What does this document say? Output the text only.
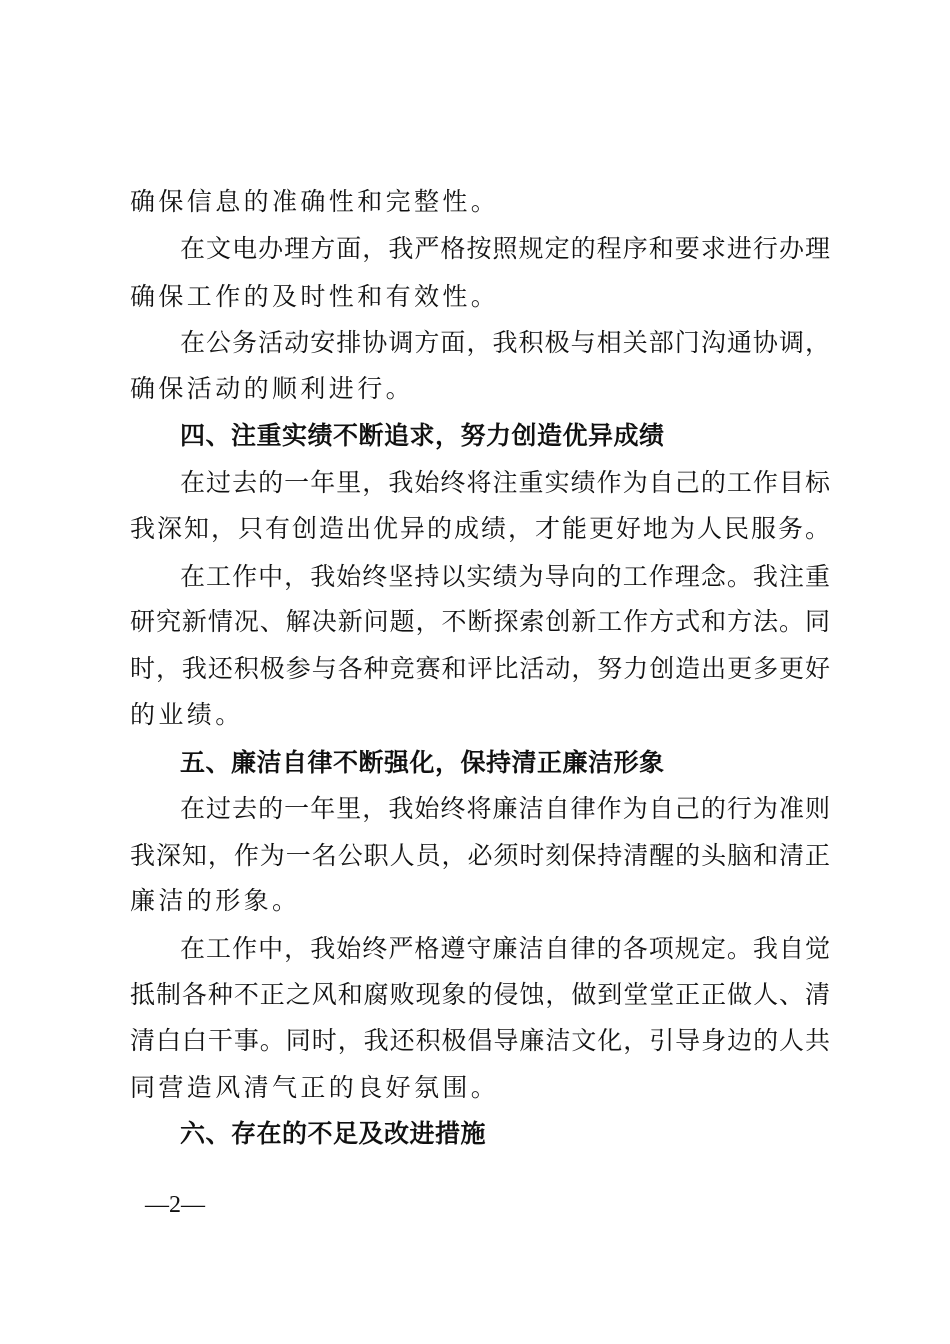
确保信息的准确性和完整性。
在文电办理方面，我严格按照规定的程序和要求进行办理
确保工作的及时性和有效性。
在公务活动安排协调方面，我积极与相关部门沟通协调，
确保活动的顺利进行。
四、注重实绩不断追求，努力创造优异成绩
在过去的一年里，我始终将注重实绩作为自己的工作目标
我深知，只有创造出优异的成绩，才能更好地为人民服务。
在工作中，我始终坚持以实绩为导向的工作理念。我注重
研究新情况、解决新问题，不断探索创新工作方式和方法。同
时，我还积极参与各种竞赛和评比活动，努力创造出更多更好
的业绩。
五、廉洁自律不断强化，保持清正廉洁形象
在过去的一年里，我始终将廉洁自律作为自己的行为准则
我深知，作为一名公职人员，必须时刻保持清醒的头脑和清正
廉洁的形象。
在工作中，我始终严格遵守廉洁自律的各项规定。我自觉
抵制各种不正之风和腐败现象的侵蚀，做到堂堂正正做人、清
清白白干事。同时，我还积极倡导廉洁文化，引导身边的人共
同营造风清气正的良好氛围。
六、存在的不足及改进措施
—2—
